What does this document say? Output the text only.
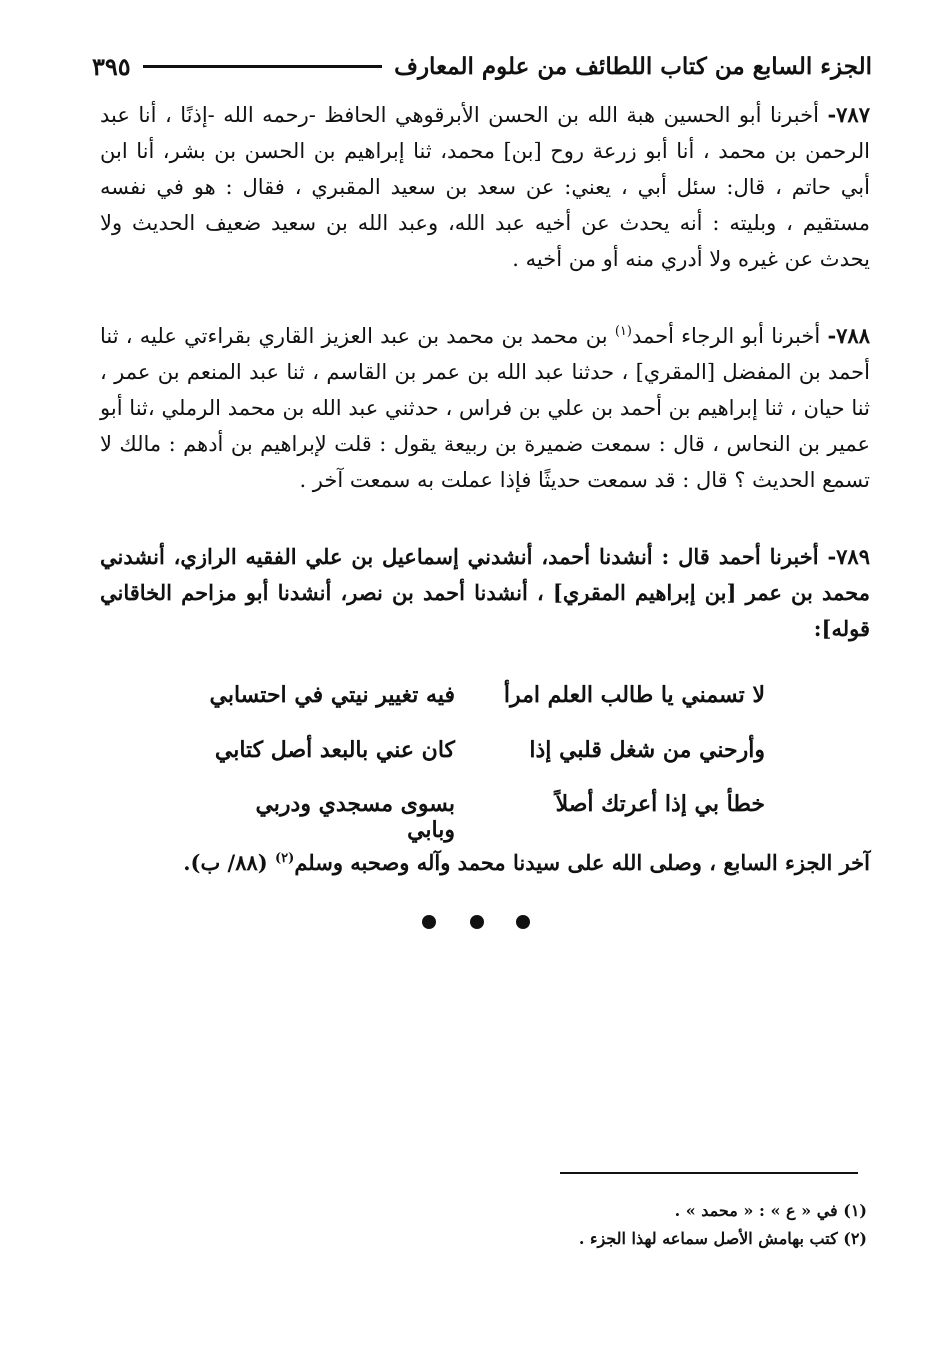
الجزء السابع من كتاب اللطائف من علوم المعارف
٣٩٥
٧٨٧- أخبرنا أبو الحسين هبة الله بن الحسن الأبرقوهي الحافظ -رحمه الله -إذنًا ، أنا عبد الرحمن بن محمد ، أنا أبو زرعة روح [بن] محمد، ثنا إبراهيم بن الحسن بن بشر، أنا ابن أبي حاتم ، قال: سئل أبي ، يعني: عن سعد بن سعيد المقبري ، فقال : هو في نفسه مستقيم ، وبليته : أنه يحدث عن أخيه عبد الله، وعبد الله بن سعيد ضعيف الحديث ولا يحدث عن غيره ولا أدري منه أو من أخيه .
٧٨٨- أخبرنا أبو الرجاء أحمد$^{(١)}$ بن محمد بن محمد بن عبد العزيز القاري بقراءتي عليه ، ثنا أحمد بن المفضل [المقري] ، حدثنا عبد الله بن عمر بن القاسم ، ثنا عبد المنعم بن عمر ، ثنا حيان ، ثنا إبراهيم بن أحمد بن علي بن فراس ، حدثني عبد الله بن محمد الرملي ،ثنا أبو عمير بن النحاس ، قال : سمعت ضميرة بن ربيعة يقول : قلت لإبراهيم بن أدهم : مالك لا تسمع الحديث ؟ قال : قد سمعت حديثًا فإذا عملت به سمعت آخر .
٧٨٩- أخبرنا أحمد قال : أنشدنا أحمد، أنشدني إسماعيل بن علي الفقيه الرازي، أنشدني محمد بن عمر [بن إبراهيم المقري] ، أنشدنا أحمد بن نصر، أنشدنا أبو مزاحم الخاقاني قوله]:
لا تسمني يا طالب العلم امرأ
فيه تغيير نيتي في احتسابي
وأرحني من شغل قلبي إذا
كان عني بالبعد أصل كتابي
خطأ بي إذا أعرتك أصلاً
بسوى مسجدي ودربي وبابي
آخر الجزء السابع ، وصلى الله على سيدنا محمد وآله وصحبه وسلم$^{(٢)}$ (٨٨/ ب).
(١) في « ع » : « محمد » .
(٢) كتب بهامش الأصل سماعه لهذا الجزء .
